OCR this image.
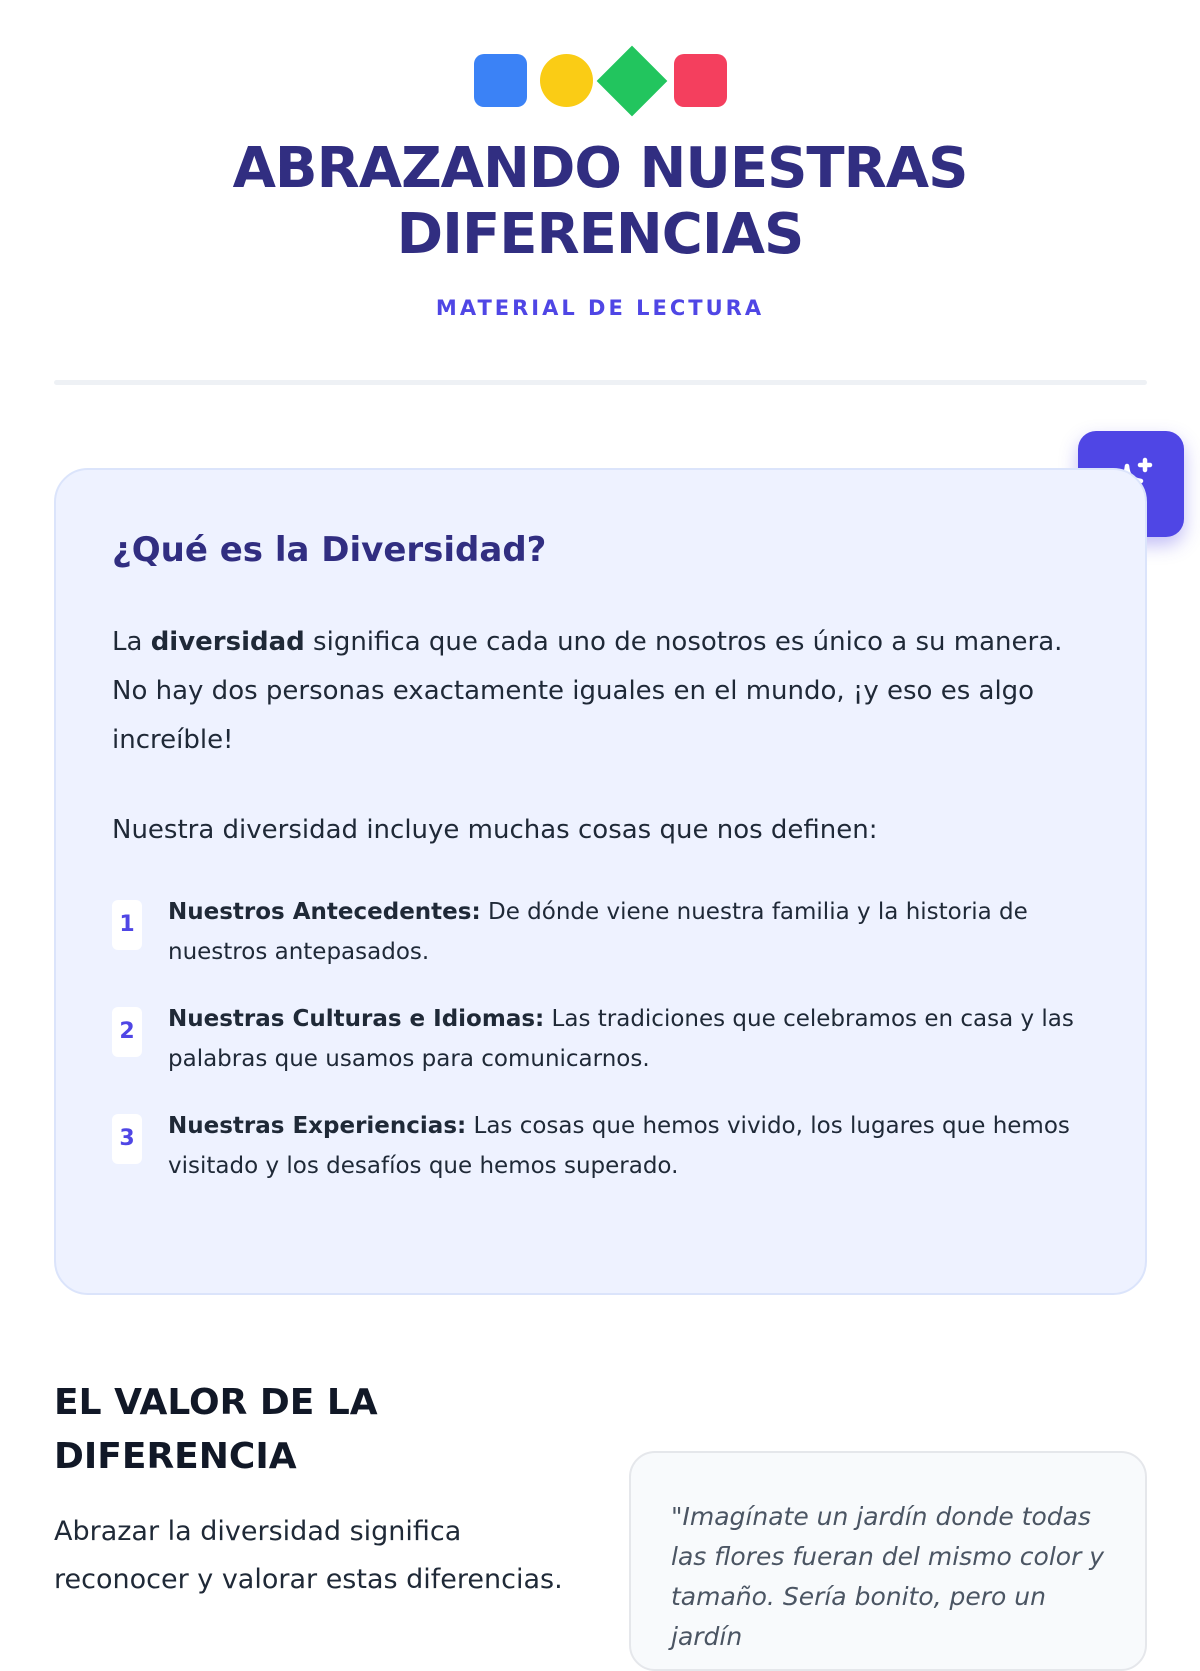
ABRAZANDO NUESTRAS
DIFERENCIAS
MATERIAL DE LECTURA
¿Qué es la Diversidad?

La diversidad significa que cada uno de nosotros es único a su manera. No hay dos personas exactamente iguales en el mundo, ¡y eso es algo increíble!

Nuestra diversidad incluye muchas cosas que nos definen:

1	Nuestros Antecedentes: De dónde viene nuestra familia y la historia de nuestros antepasados.
2	Nuestras Culturas e Idiomas: Las tradiciones que celebramos en casa y las palabras que usamos para comunicarnos.
3	Nuestras Experiencias: Las cosas que hemos vivido, los lugares que hemos visitado y los desafíos que hemos superado.
EL VALOR DE LA DIFERENCIA

Abrazar la diversidad significa reconocer y valorar estas diferencias.

"Imagínate un jardín donde todas las flores fueran del mismo color y tamaño. Sería bonito, pero un jardín
